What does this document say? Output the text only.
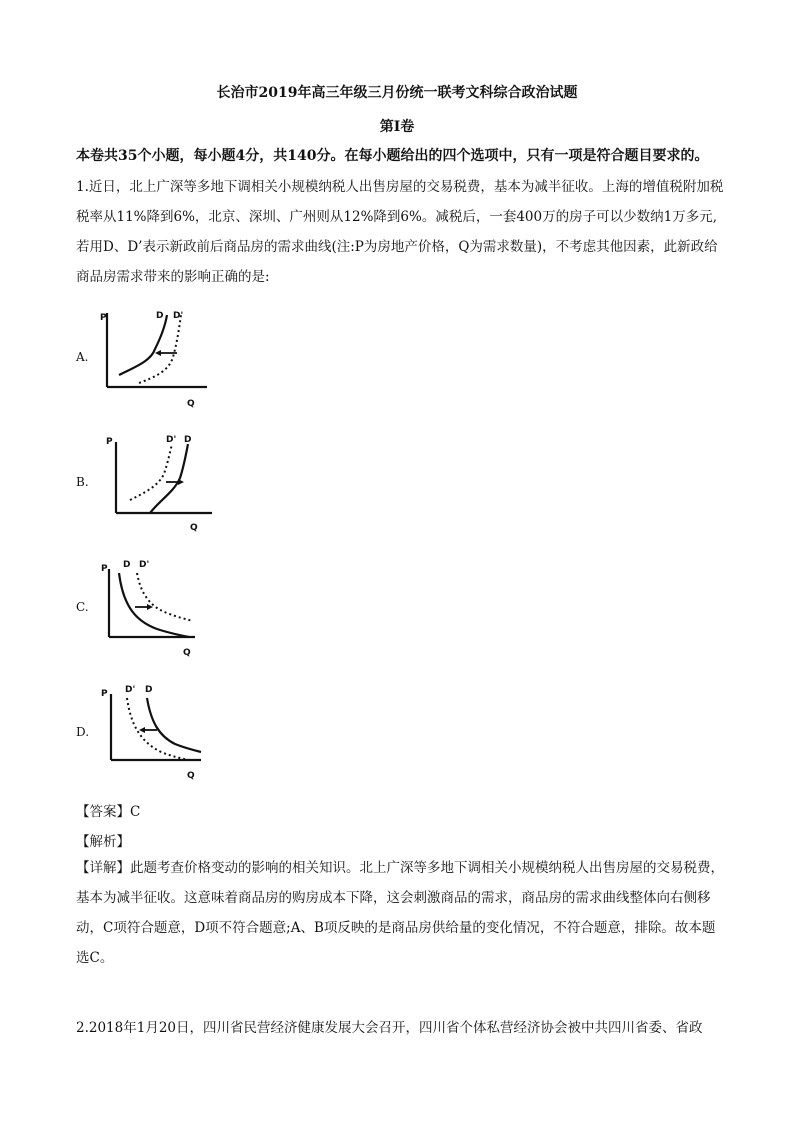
长治市2019年高三年级三月份统一联考文科综合政治试题
第Ⅰ卷
本卷共35个小题，每小题4分，共140分。在每小题给出的四个选项中，只有一项是符合题目要求的。

1.近日，北上广深等多地下调相关小规模纳税人出售房屋的交易税费，基本为减半征收。上海的增值税附加税税率从11%降到6%，北京、深圳、广州则从12%降到6%。减税后，一套400万的房子可以少数纳1万多元,若用D、D’表示新政前后商品房的需求曲线(注:P为房地产价格，Q为需求数量)，不考虑其他因素，此新政给商品房需求带来的影响正确的是:

A.
P
Q
D D'
B.
P
Q
D
D'
C.
P
Q
D D'
D.
P
Q
D
D'
【答案】C
【解析】

【详解】此题考查价格变动的影响的相关知识。北上广深等多地下调相关小规模纳税人出售房屋的交易税费，基本为减半征收。这意味着商品房的购房成本下降，这会刺激商品的需求，商品房的需求曲线整体向右侧移动，C项符合题意，D项不符合题意;A、B项反映的是商品房供给量的变化情况，不符合题意，排除。故本题选C。

2.2018年1月20日，四川省民营经济健康发展大会召开，四川省个体私营经济协会被中共四川省委、省政
